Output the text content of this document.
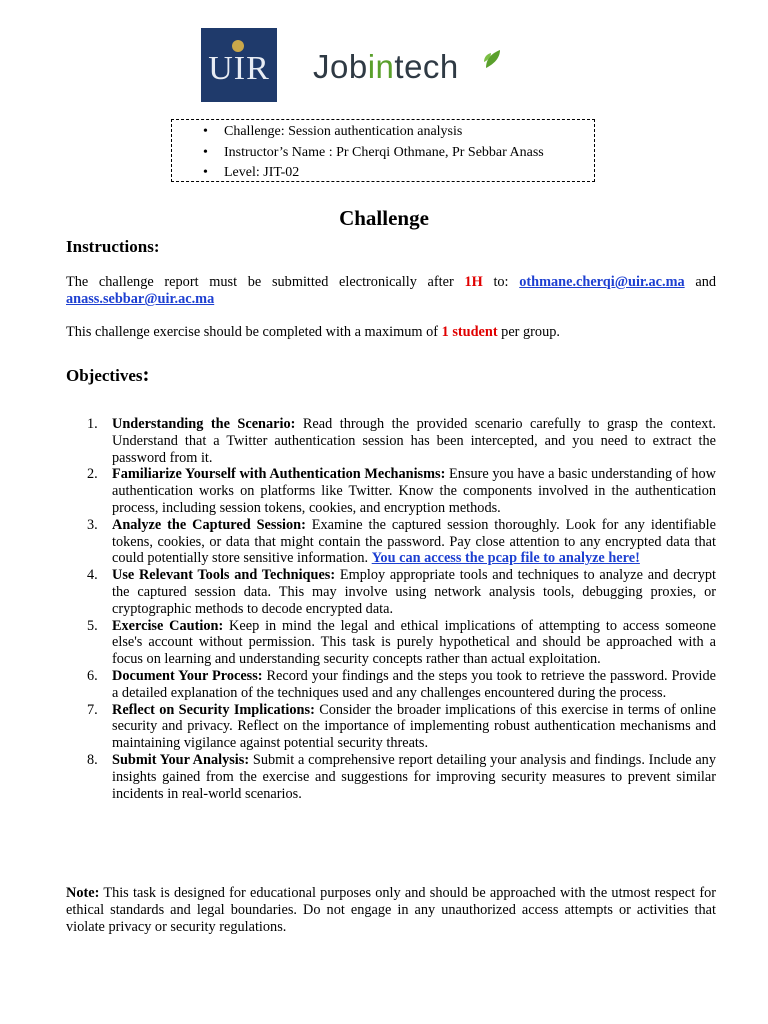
UIR Jobintech
• Challenge: Session authentication analysis
• Instructor’s Name : Pr Cherqi Othmane, Pr Sebbar Anass
• Level: JIT-02
Challenge
Instructions:

The challenge report must be submitted electronically after 1H to: othmane.cherqi@uir.ac.ma and anass.sebbar@uir.ac.ma

This challenge exercise should be completed with a maximum of 1 student per group.

Objectives:
1. Understanding the Scenario: Read through the provided scenario carefully to grasp the context. Understand that a Twitter authentication session has been intercepted, and you need to extract the password from it.
2. Familiarize Yourself with Authentication Mechanisms: Ensure you have a basic understanding of how authentication works on platforms like Twitter. Know the components involved in the authentication process, including session tokens, cookies, and encryption methods.
3. Analyze the Captured Session: Examine the captured session thoroughly. Look for any identifiable tokens, cookies, or data that might contain the password. Pay close attention to any encrypted data that could potentially store sensitive information. You can access the pcap file to analyze here!
4. Use Relevant Tools and Techniques: Employ appropriate tools and techniques to analyze and decrypt the captured session data. This may involve using network analysis tools, debugging proxies, or cryptographic methods to decode encrypted data.
5. Exercise Caution: Keep in mind the legal and ethical implications of attempting to access someone else's account without permission. This task is purely hypothetical and should be approached with a focus on learning and understanding security concepts rather than actual exploitation.
6. Document Your Process: Record your findings and the steps you took to retrieve the password. Provide a detailed explanation of the techniques used and any challenges encountered during the process.
7. Reflect on Security Implications: Consider the broader implications of this exercise in terms of online security and privacy. Reflect on the importance of implementing robust authentication mechanisms and maintaining vigilance against potential security threats.
8. Submit Your Analysis: Submit a comprehensive report detailing your analysis and findings. Include any insights gained from the exercise and suggestions for improving security measures to prevent similar incidents in real-world scenarios.

Note: This task is designed for educational purposes only and should be approached with the utmost respect for ethical standards and legal boundaries. Do not engage in any unauthorized access attempts or activities that violate privacy or security regulations.
